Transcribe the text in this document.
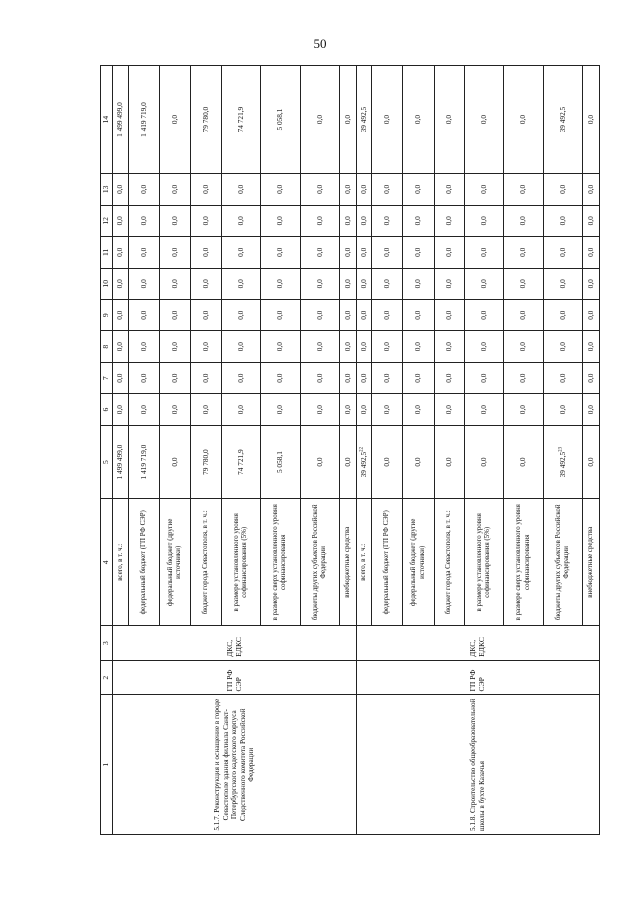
50
1	2	3	4	5	6	7	8	9	10	11	12	13	14
5.1.7. Реконструкция и оснащение в городе Севастополе здания филиала Санкт-Петербургского кадетского корпуса Следственного комитета Российской Федерации	ГП РФ СЭР	ДКС, ЕДКС	всего, в т. ч.:	1 499 499,0	0,0	0,0	0,0	0,0	0,0	0,0	0,0	0,0	1 499 499,0
			федеральный бюджет (ГП РФ СЭР)	1 419 719,0	0,0	0,0	0,0	0,0	0,0	0,0	0,0	0,0	1 419 719,0
			федеральный бюджет (другие источники)	0,0	0,0	0,0	0,0	0,0	0,0	0,0	0,0	0,0	0,0
			бюджет города Севастополя, в т. ч.:	79 780,0	0,0	0,0	0,0	0,0	0,0	0,0	0,0	0,0	79 780,0
			в размере установленного уровня софинансирования (5%)	74 721,9	0,0	0,0	0,0	0,0	0,0	0,0	0,0	0,0	74 721,9
			в размере сверх установленного уровня софинансирования	5 058,1	0,0	0,0	0,0	0,0	0,0	0,0	0,0	0,0	5 058,1
			бюджеты других субъектов Российской Федерации	0,0	0,0	0,0	0,0	0,0	0,0	0,0	0,0	0,0	0,0
			внебюджетные средства	0,0	0,0	0,0	0,0	0,0	0,0	0,0	0,0	0,0	0,0
5.1.8. Строительство общеобразовательной школы в бухте Казачья	ГП РФ СЭР	ДКС, ЕДКС	всего, в т. ч.:	39 492,5$^{22}$	0,0	0,0	0,0	0,0	0,0	0,0	0,0	0,0	39 492,5
			федеральный бюджет (ГП РФ СЭР)	0,0	0,0	0,0	0,0	0,0	0,0	0,0	0,0	0,0	0,0
			федеральный бюджет (другие источники)	0,0	0,0	0,0	0,0	0,0	0,0	0,0	0,0	0,0	0,0
			бюджет города Севастополя, в т. ч.:	0,0	0,0	0,0	0,0	0,0	0,0	0,0	0,0	0,0	0,0
			в размере установленного уровня софинансирования (5%)	0,0	0,0	0,0	0,0	0,0	0,0	0,0	0,0	0,0	0,0
			в размере сверх установленного уровня софинансирования	0,0	0,0	0,0	0,0	0,0	0,0	0,0	0,0	0,0	0,0
			бюджеты других субъектов Российской Федерации	39 492,5$^{23}$	0,0	0,0	0,0	0,0	0,0	0,0	0,0	0,0	39 492,5
			внебюджетные средства	0,0	0,0	0,0	0,0	0,0	0,0	0,0	0,0	0,0	0,0
